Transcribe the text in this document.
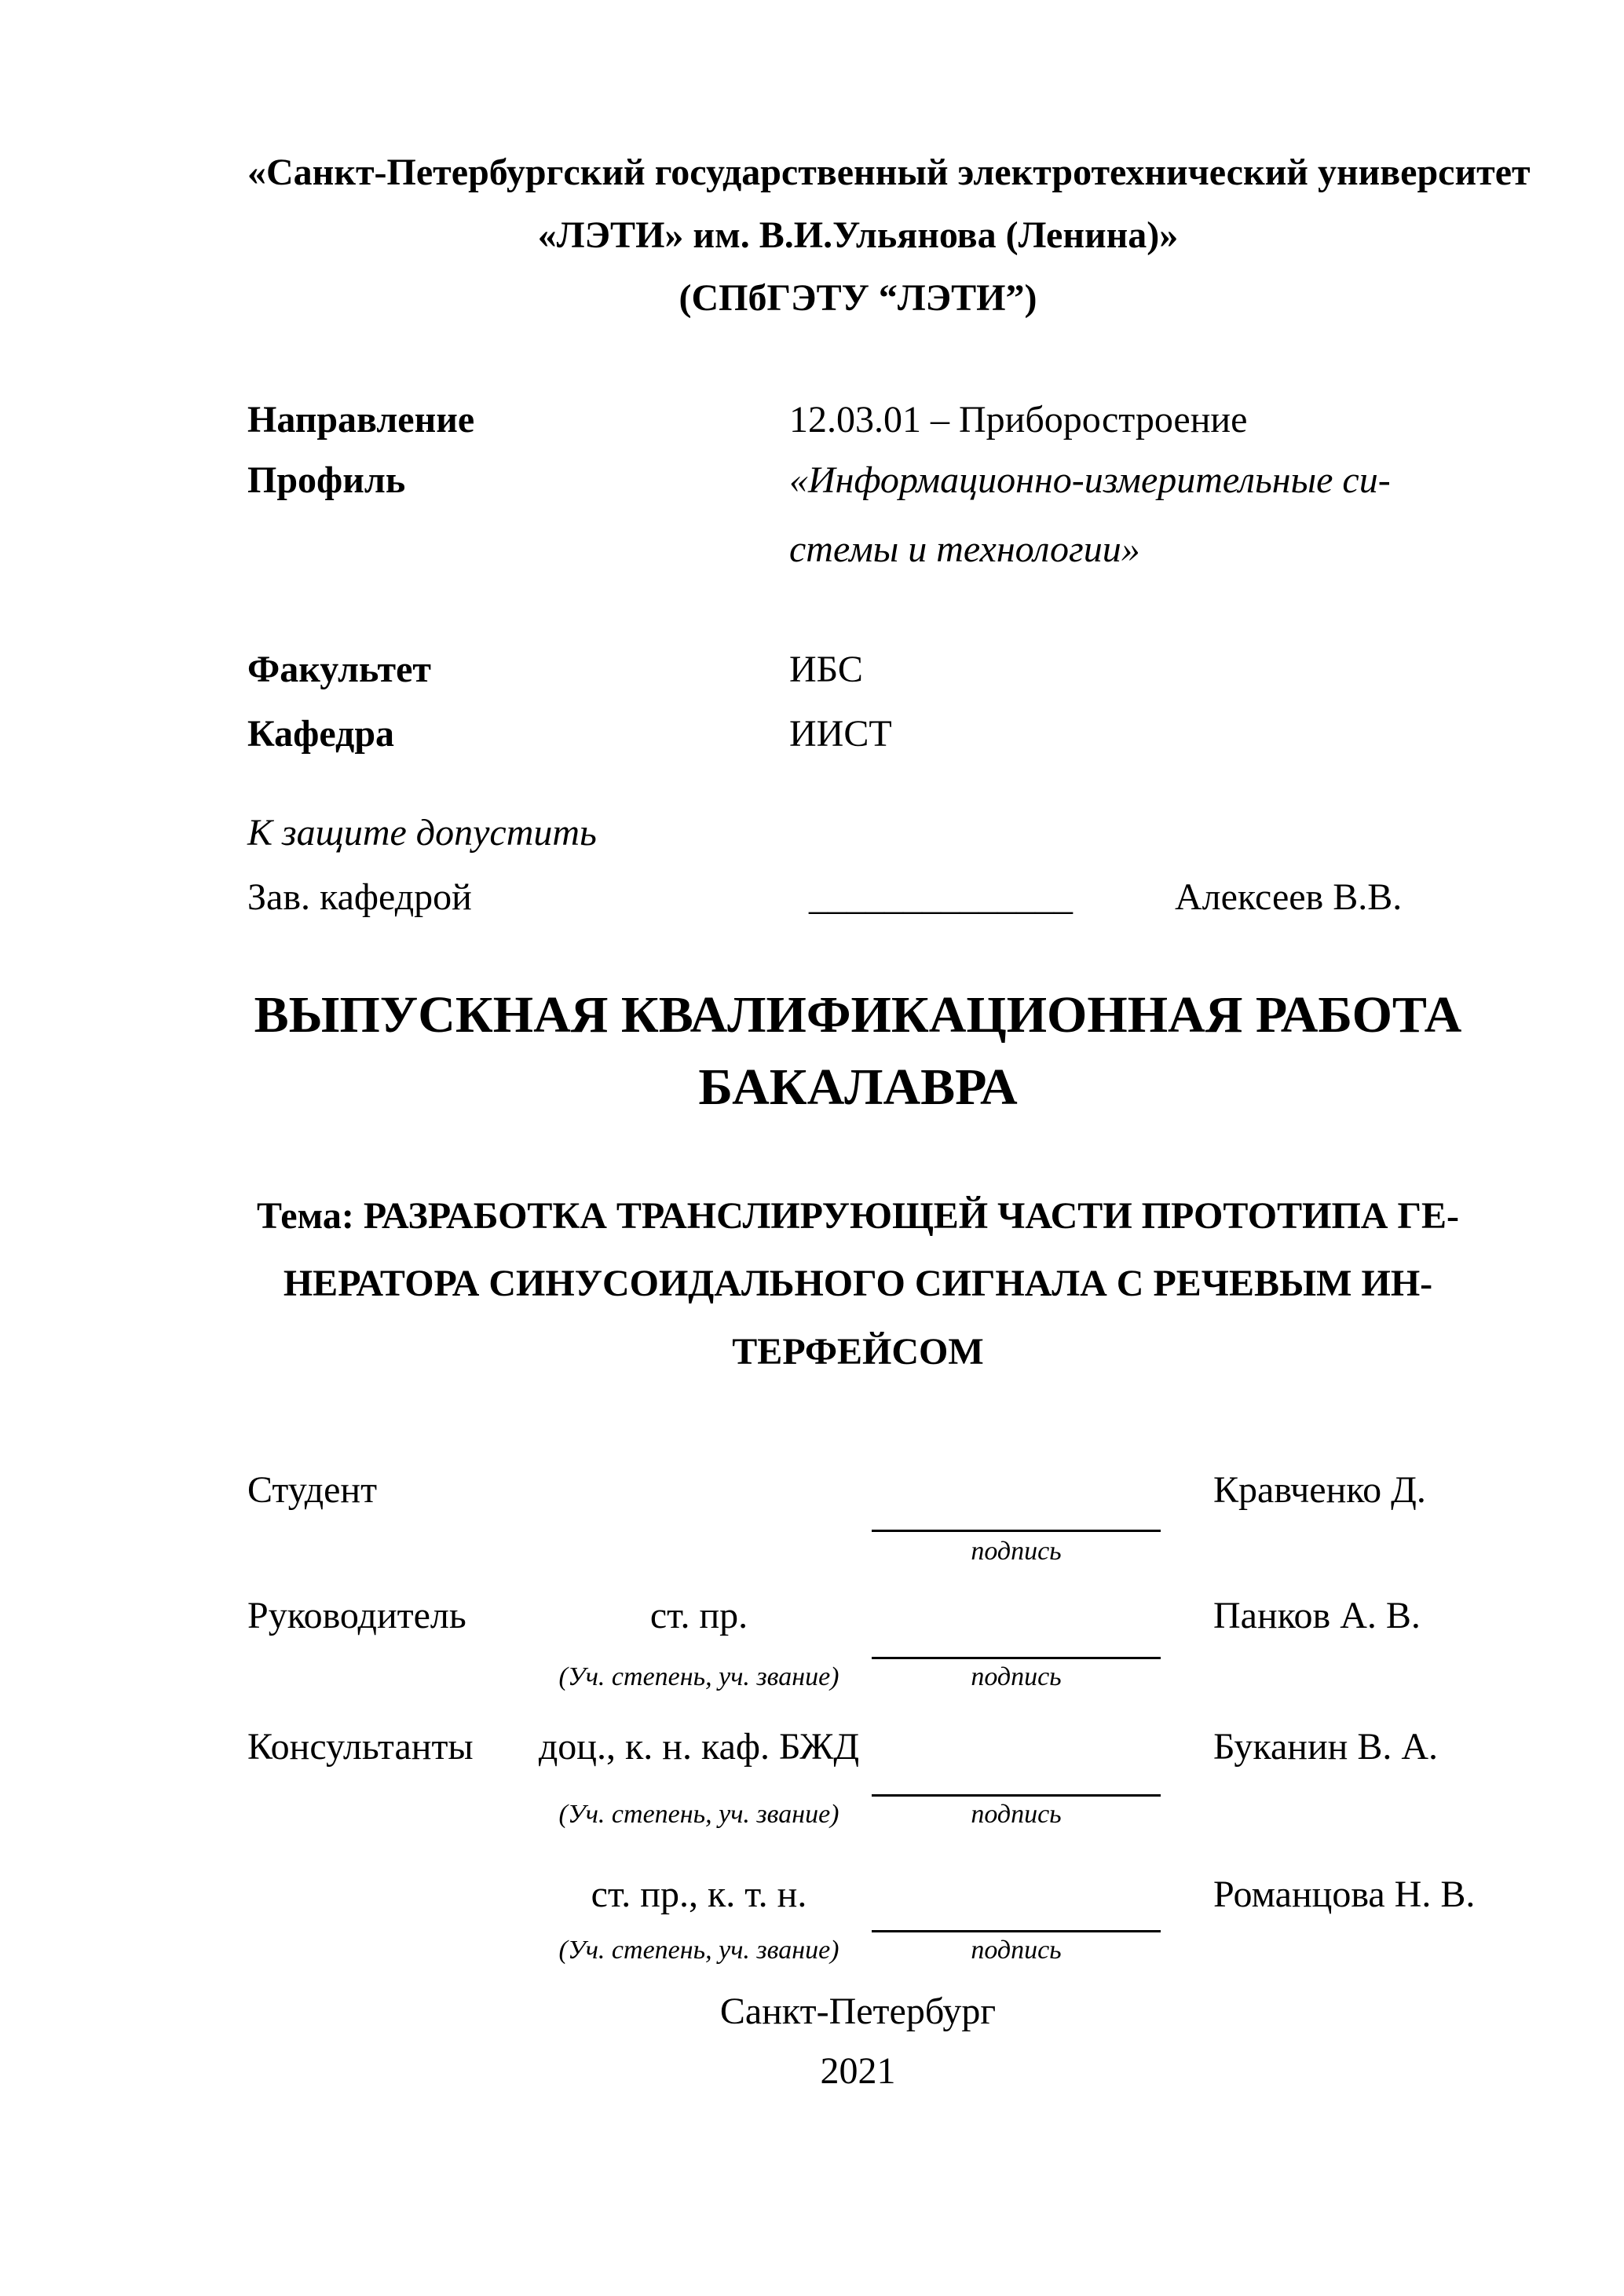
«Санкт-Петербургский государственный электротехнический университет
«ЛЭТИ» им. В.И.Ульянова (Ленина)»
(СПбГЭТУ “ЛЭТИ”)
Направление	12.03.01 – Приборостроение
Профиль	«Информационно-измерительные си-
стемы и технологии»
Факультет	ИБС
Кафедра	ИИСТ
К защите допустить
Зав. кафедрой	______________	Алексеев В.В.
ВЫПУСКНАЯ КВАЛИФИКАЦИОННАЯ РАБОТА
БАКАЛАВРА
Тема: РАЗРАБОТКА ТРАНСЛИРУЮЩЕЙ ЧАСТИ ПРОТОТИПА ГЕ-
НЕРАТОРА СИНУСОИДАЛЬНОГО СИГНАЛА С РЕЧЕВЫМ ИН-
ТЕРФЕЙСОМ
Студент	Кравченко Д.
подпись
Руководитель	ст. пр.	Панков А. В.
(Уч. степень, уч. звание)	подпись
Консультанты	доц., к. н. каф. БЖД	Буканин В. А.
(Уч. степень, уч. звание)	подпись
ст. пр., к. т. н.	Романцова Н. В.
(Уч. степень, уч. звание)	подпись
Санкт-Петербург
2021
